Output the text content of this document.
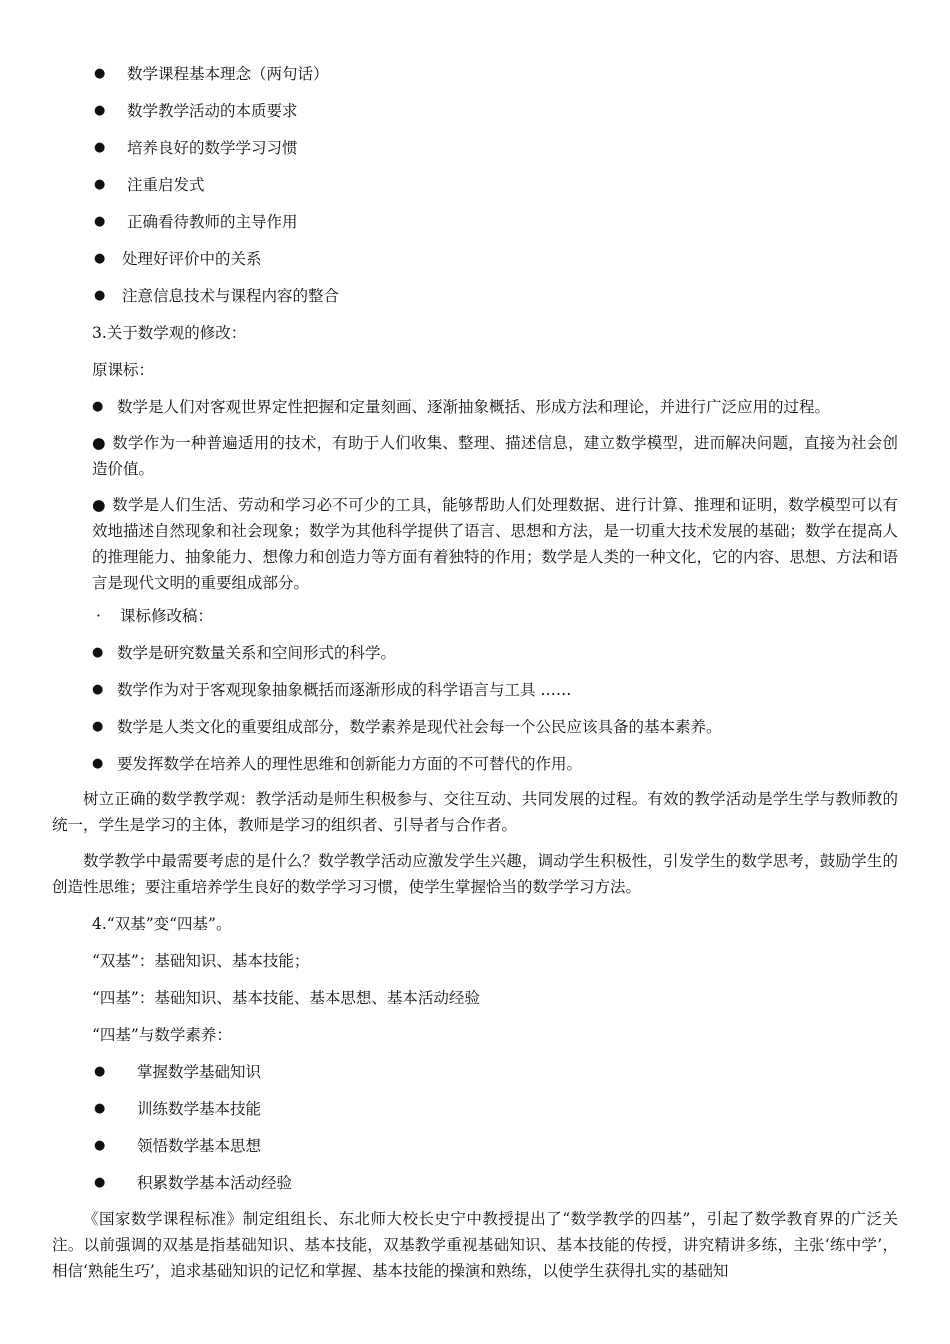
● 数学课程基本理念（两句话）
● 数学教学活动的本质要求
● 培养良好的数学学习习惯
● 注重启发式
● 正确看待教师的主导作用
● 处理好评价中的关系
● 注意信息技术与课程内容的整合
3.关于数学观的修改：
原课标：
● 数学是人们对客观世界定性把握和定量刻画、逐渐抽象概括、形成方法和理论，并进行广泛应用的过程。
● 数学作为一种普遍适用的技术，有助于人们收集、整理、描述信息，建立数学模型，进而解决问题，直接为社会创造价值。
● 数学是人们生活、劳动和学习必不可少的工具，能够帮助人们处理数据、进行计算、推理和证明，数学模型可以有效地描述自然现象和社会现象；数学为其他科学提供了语言、思想和方法，是一切重大技术发展的基础；数学在提高人的推理能力、抽象能力、想像力和创造力等方面有着独特的作用；数学是人类的一种文化，它的内容、思想、方法和语言是现代文明的重要组成部分。
· 课标修改稿：
● 数学是研究数量关系和空间形式的科学。
● 数学作为对于客观现象抽象概括而逐渐形成的科学语言与工具 ……
● 数学是人类文化的重要组成部分，数学素养是现代社会每一个公民应该具备的基本素养。
● 要发挥数学在培养人的理性思维和创新能力方面的不可替代的作用。
树立正确的数学教学观：教学活动是师生积极参与、交往互动、共同发展的过程。有效的教学活动是学生学与教师教的统一，学生是学习的主体，教师是学习的组织者、引导者与合作者。
数学教学中最需要考虑的是什么？数学教学活动应激发学生兴趣，调动学生积极性，引发学生的数学思考，鼓励学生的创造性思维；要注重培养学生良好的数学学习习惯，使学生掌握恰当的数学学习方法。
4.“双基”变“四基”。
“双基”：基础知识、基本技能；
“四基”：基础知识、基本技能、基本思想、基本活动经验
“四基”与数学素养：
● 掌握数学基础知识
● 训练数学基本技能
● 领悟数学基本思想
● 积累数学基本活动经验
《国家数学课程标准》制定组组长、东北师大校长史宁中教授提出了“数学教学的四基”，引起了数学教育界的广泛关注。以前强调的双基是指基础知识、基本技能，双基教学重视基础知识、基本技能的传授，讲究精讲多练，主张‘练中学’，相信‘熟能生巧’，追求基础知识的记忆和掌握、基本技能的操演和熟练，以使学生获得扎实的基础知
